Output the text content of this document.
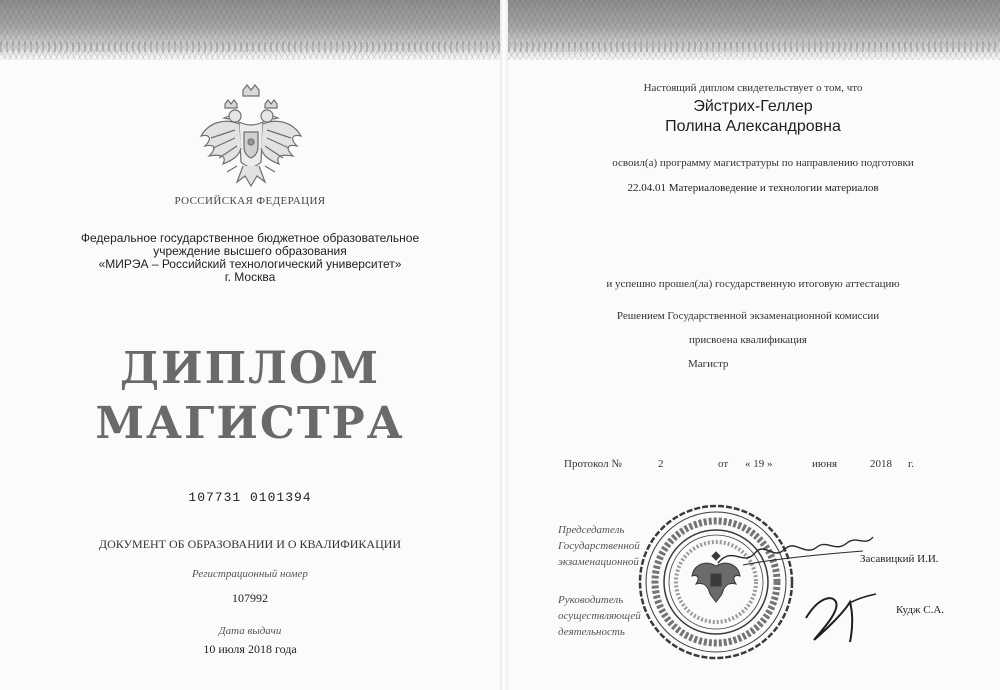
РОССИЙСКАЯ ФЕДЕРАЦИЯ
Федеральное государственное бюджетное образовательное
учреждение высшего образования
«МИРЭА – Российский технологический университет»
г. Москва
ДИПЛОМ
МАГИСТРА
107731 0101394
ДОКУМЕНТ ОБ ОБРАЗОВАНИИ И О КВАЛИФИКАЦИИ
Регистрационный номер
107992
Дата выдачи
10 июля 2018 года
Настоящий диплом свидетельствует о том, что
Эйстрих-Геллер
Полина Александровна
освоил(а) программу магистратуры по направлению подготовки
22.04.01 Материаловедение и технологии материалов
и успешно прошел(ла) государственную итоговую аттестацию
Решением Государственной экзаменационной комиссии
присвоена квалификация
Магистр
Протокол №	2	от « 19 »	июня	2018 г.
Председатель
Государственной
экзаменационной
Руководитель
осуществляющей
деятельность
Засавицкий И.И.
Кудж С.А.
